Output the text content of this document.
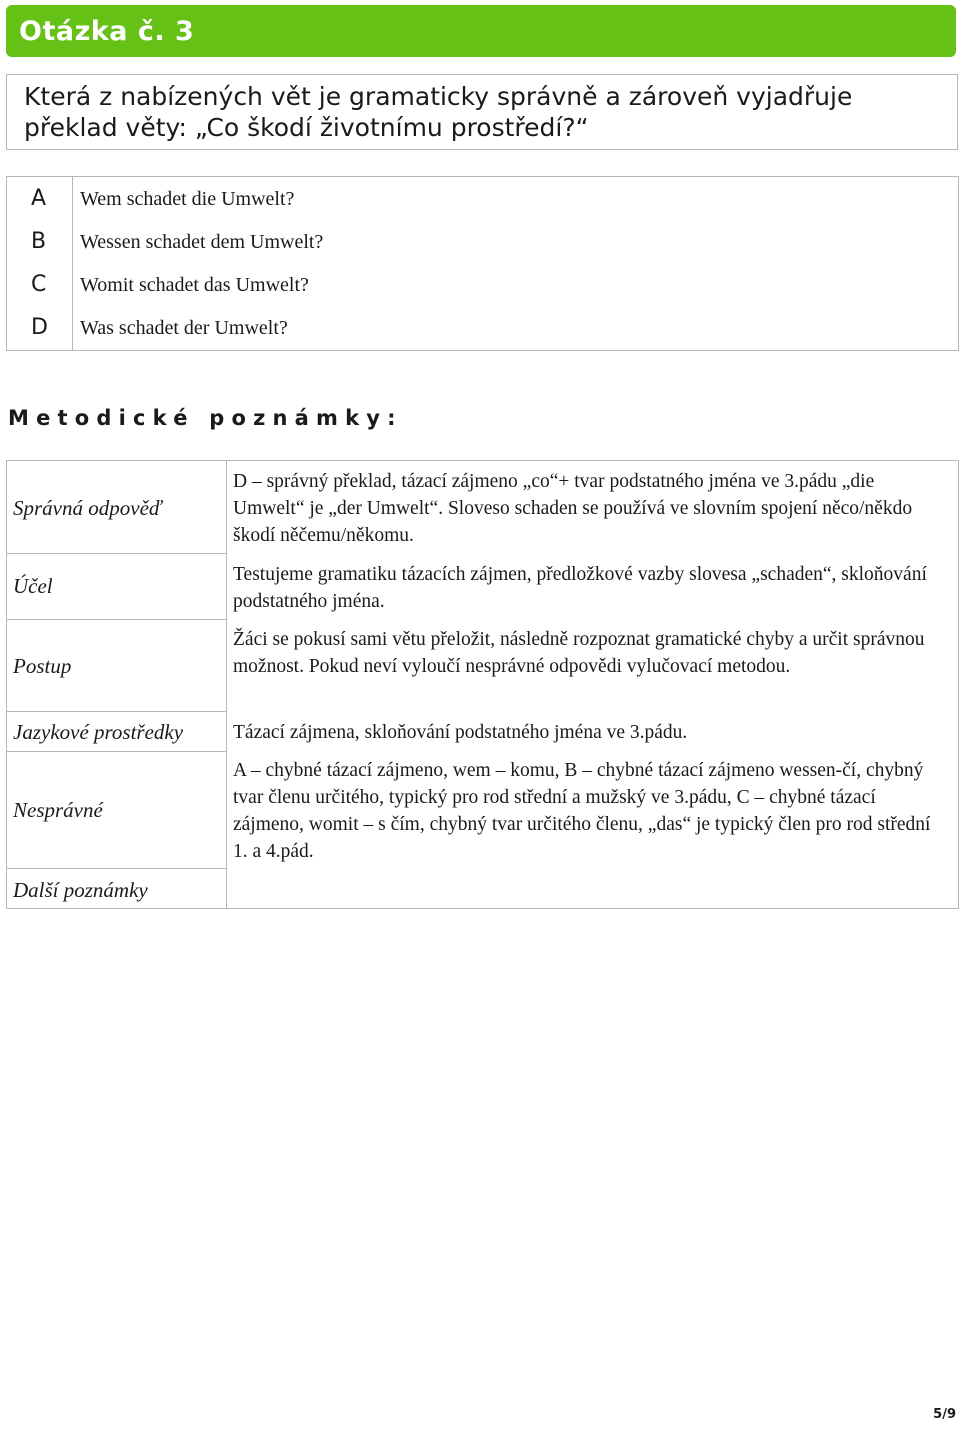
Otázka č. 3
Která z nabízených vět je gramaticky správně a zároveň vyjadřuje překlad věty: „Co škodí životnímu prostředí?“
A Wem schadet die Umwelt?
B Wessen schadet dem Umwelt?
C Womit schadet das Umwelt?
D Was schadet der Umwelt?
Metodické poznámky:
Správná odpověď
Účel
Postup
Jazykové prostředky
Nesprávné
Další poznámky
D – správný překlad, tázací zájmeno „co“+ tvar podstatného jména ve 3.pádu „die Umwelt“ je „der Umwelt“. Sloveso schaden se používá ve slovním spojení něco/někdo škodí něčemu/někomu.
Testujeme gramatiku tázacích zájmen, předložkové vazby slovesa „schaden“, skloňování podstatného jména.
Žáci se pokusí sami větu přeložit, následně rozpoznat gramatické chyby a určit správnou možnost. Pokud neví vyloučí nesprávné odpovědi vylučovací metodou.
Tázací zájmena, skloňování podstatného jména ve 3.pádu.
A – chybné tázací zájmeno, wem – komu, B – chybné tázací zájmeno wessen-čí, chybný tvar členu určitého, typický pro rod střední a mužský ve 3.pádu, C – chybné tázací zájmeno, womit – s čím, chybný tvar určitého členu, „das“ je typický člen pro rod střední 1. a 4.pád.
5/9
